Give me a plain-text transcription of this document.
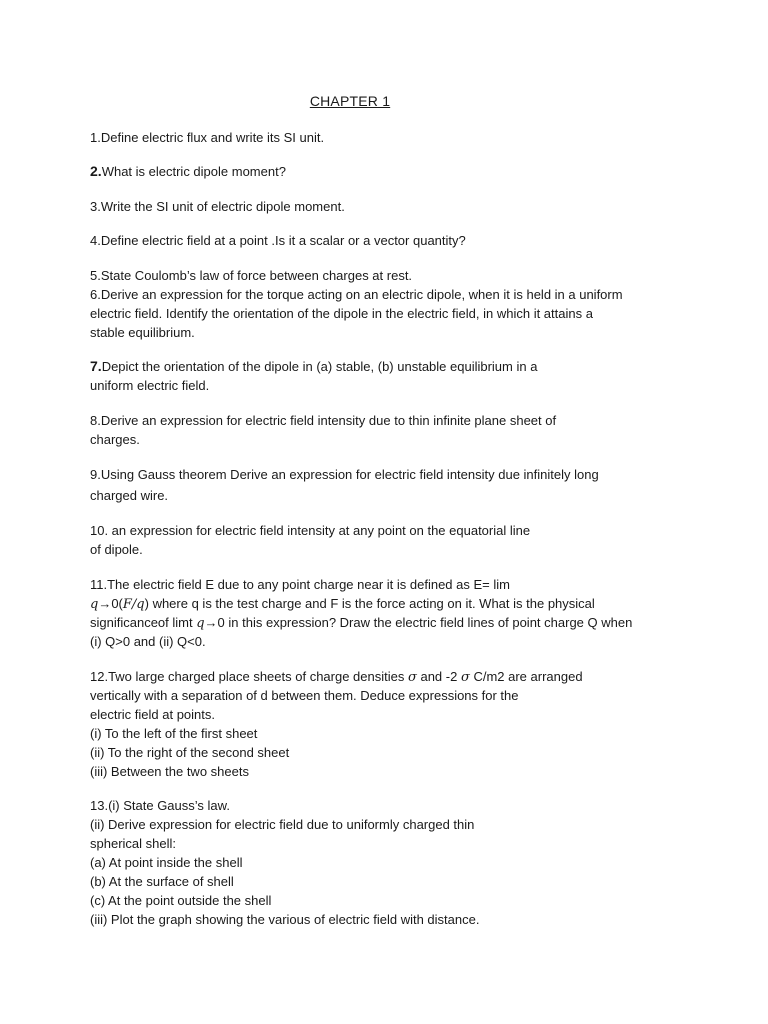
CHAPTER 1
1.Define electric flux and write its SI unit.
2.What is electric dipole moment?
3.Write the SI unit of electric dipole moment.
4.Define electric field at a point .Is it a scalar or a vector quantity?
5.State Coulomb’s law of force between charges at rest.
6.Derive an expression for the torque acting on an electric dipole, when it is held in a uniform
electric field. Identify the orientation of the dipole in the electric field, in which it attains a
stable equilibrium.
7.Depict the orientation of the dipole in (a) stable, (b) unstable equilibrium in a
uniform electric field.
8.Derive an expression for electric field intensity due to thin infinite plane sheet of
charges.
9.Using Gauss theorem Derive an expression for electric field intensity due infinitely long
charged wire.
10. an expression for electric field intensity at any point on the equatorial line
of dipole.
11.The electric field E due to any point charge near it is defined as E= lim
q→0(F/q) where q is the test charge and F is the force acting on it. What is the physical
significanceof limt q→0 in this expression? Draw the electric field lines of point charge Q when
(i) Q>0 and (ii) Q<0.
12.Two large charged place sheets of charge densities σ and -2 σ C/m2 are arranged
vertically with a separation of d between them. Deduce expressions for the
electric field at points.
(i) To the left of the first sheet
(ii) To the right of the second sheet
(iii) Between the two sheets
13.(i) State Gauss’s law.
(ii) Derive expression for electric field due to uniformly charged thin
spherical shell:
(a) At point inside the shell
(b) At the surface of shell
(c) At the point outside the shell
(iii) Plot the graph showing the various of electric field with distance.
